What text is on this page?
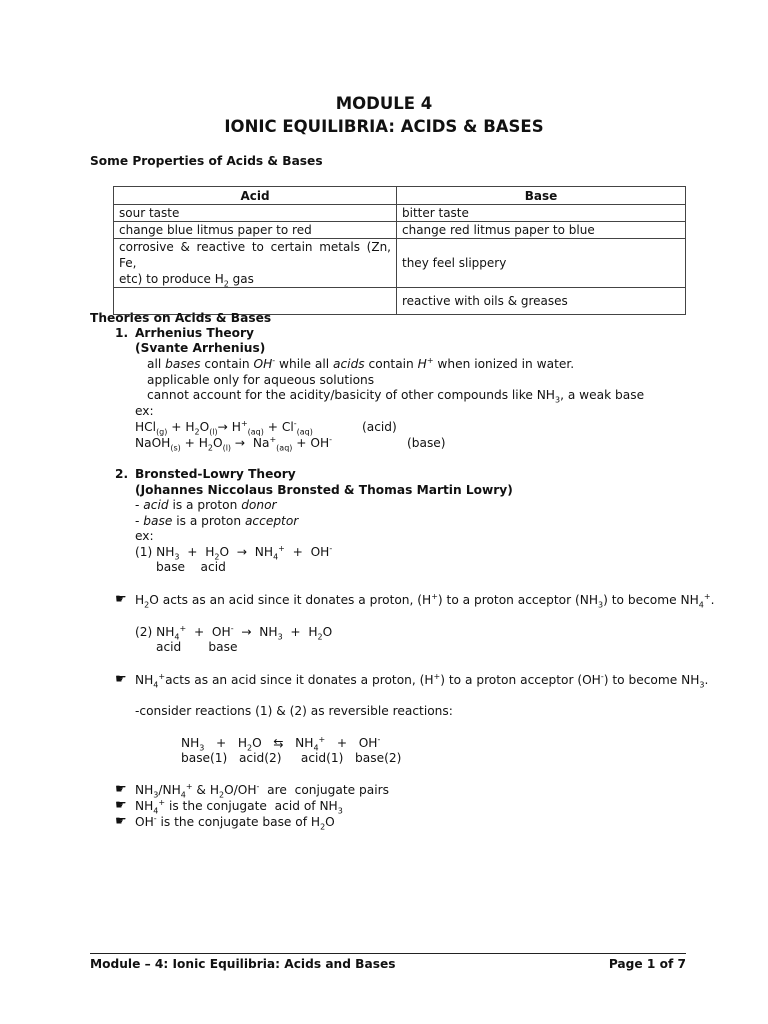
MODULE 4
IONIC EQUILIBRIA: ACIDS & BASES
Some Properties of Acids & Bases
Acid	Base
sour taste	bitter taste
change blue litmus paper to red	change red litmus paper to blue
corrosive & reactive to certain metals (Zn, Fe,
etc) to produce $H_2$ gas	they feel slippery
	reactive with oils & greases
Theories on Acids & Bases
1. Arrhenius Theory
(Svante Arrhenius)
all bases contain OH- while all acids contain H+ when ionized in water.
applicable only for aqueous solutions
cannot account for the acidity/basicity of other compounds like $NH_3$, a weak base
ex:
$HCl_{(g)} + H_2O_{(l)}\to H^+_{(aq)} + Cl^-_{(aq)}$	(acid)
NaOH$_{(s)}$ + $H_2O_{(l)} \to Na^+_{(aq)} + OH^-$	(base)
2. Bronsted-Lowry Theory
(Johannes Niccolaus Bronsted & Thomas Martin Lowry)
- acid is a proton donor
- base is a proton acceptor
ex:
(1) $NH_3 + H_2O \to NH_4^+ + OH^-$
base    acid
☛ $H_2O$ acts as an acid since it donates a proton, (H+) to a proton acceptor $(NH_3)$ to become $NH_4^+$.
(2) $NH_4^+ + OH^- \to NH_3 + H_2O$
acid       base
☛ $NH_4^+acts$ as an acid since it donates a proton, (H+) to a proton acceptor (OH-) to become $NH_3$.
-consider reactions (1) & (2) as reversible reactions:
$NH_3 + H_2O$   ⇆   $NH_4^+ + OH^-$
base(1)   acid(2)     acid(1)   base(2)
☛ $NH_3/NH_4^+$ & $H_2O/OH^-$  are  conjugate pairs
☛ $NH_4^+$ is the conjugate  acid of $NH_3$
☛ OH- is the conjugate base of $H_2O$
Module – 4: Ionic Equilibria: Acids and Bases	Page 1 of 7
